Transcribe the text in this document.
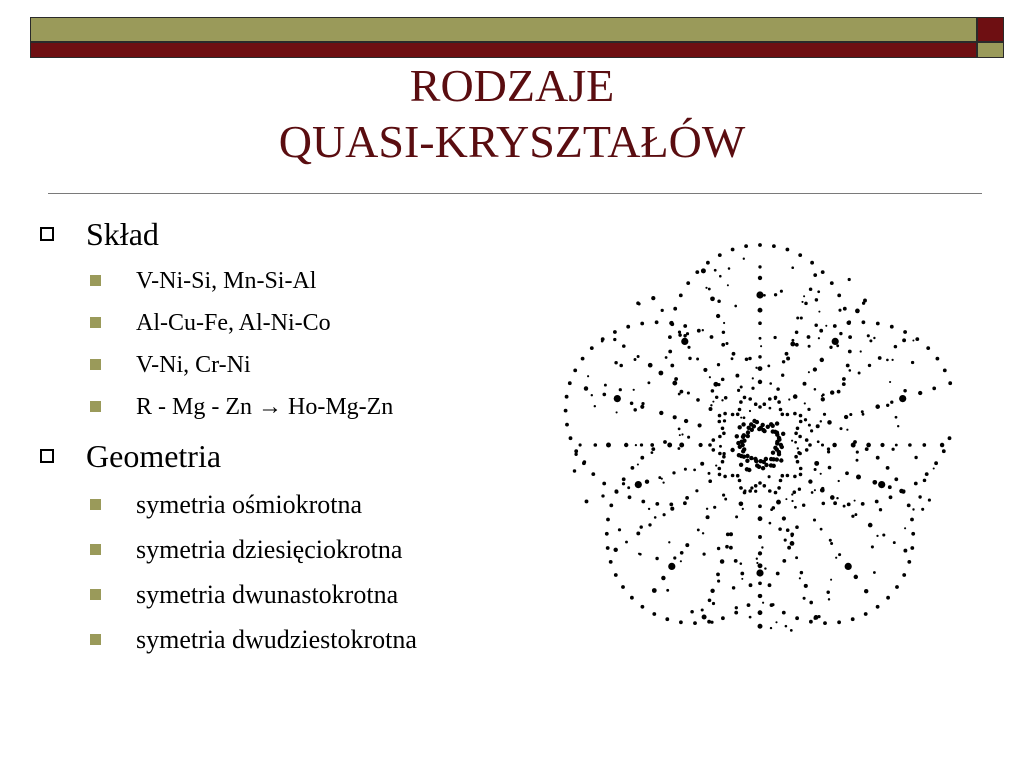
RODZAJE
QUASI-KRYSZTAŁÓW
Skład
V-Ni-Si, Mn-Si-Al
Al-Cu-Fe, Al-Ni-Co
V-Ni, Cr-Ni
R - Mg - Zn → Ho-Mg-Zn
Geometria
symetria ośmiokrotna
symetria dziesięciokrotna
symetria dwunastokrotna
symetria dwudziestokrotna
